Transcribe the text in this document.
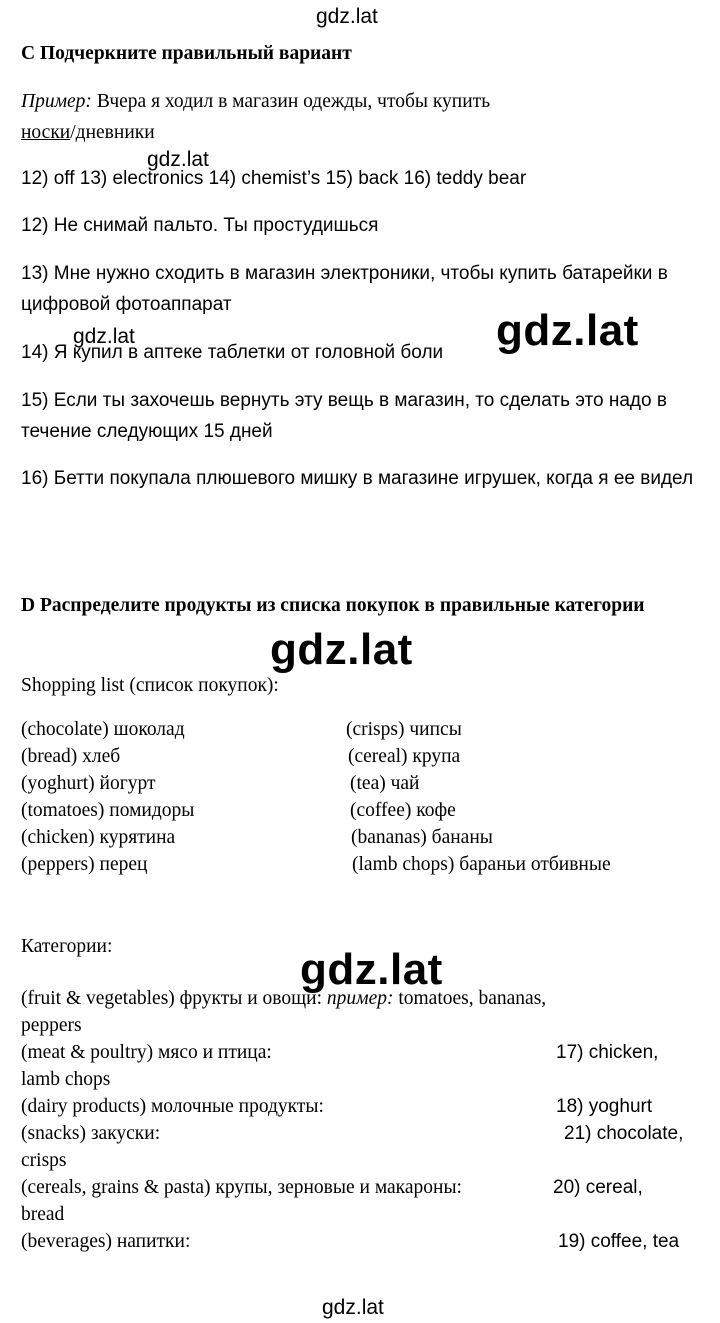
gdz.lat
C Подчеркните правильный вариант
Пример: Вчера я ходил в магазин одежды, чтобы купить
носки/дневники
gdz.lat
12) off 13) electronics 14) chemist’s 15) back 16) teddy bear
12) Не снимай пальто. Ты простудишься
13) Мне нужно сходить в магазин электроники, чтобы купить батарейки в цифровой фотоаппарат
gdz.lat
14) Я купил в аптеке таблетки от головной боли	gdz.lat
15) Если ты захочешь вернуть эту вещь в магазин, то сделать это надо в течение следующих 15 дней
16) Бетти покупала плюшевого мишку в магазине игрушек, когда я ее видел
D Распределите продукты из списка покупок в правильные категории
gdz.lat
Shopping list (список покупок):
(chocolate) шоколад	(crisps) чипсы
(bread) хлеб	(cereal) крупа
(yoghurt) йогурт	(tea) чай
(tomatoes) помидоры	(coffee) кофе
(chicken) курятина	(bananas) бананы
(peppers) перец	(lamb chops) бараньи отбивные
Категории:	gdz.lat
(fruit & vegetables) фрукты и овощи: пример: tomatoes, bananas,
peppers
(meat & poultry) мясо и птица:	17) chicken,
lamb chops
(dairy products) молочные продукты:	18) yoghurt
(snacks) закуски:	21) chocolate,
crisps
(cereals, grains & pasta) крупы, зерновые и макароны:	20) cereal,
bread
(beverages) напитки:	19) coffee, tea
gdz.lat
